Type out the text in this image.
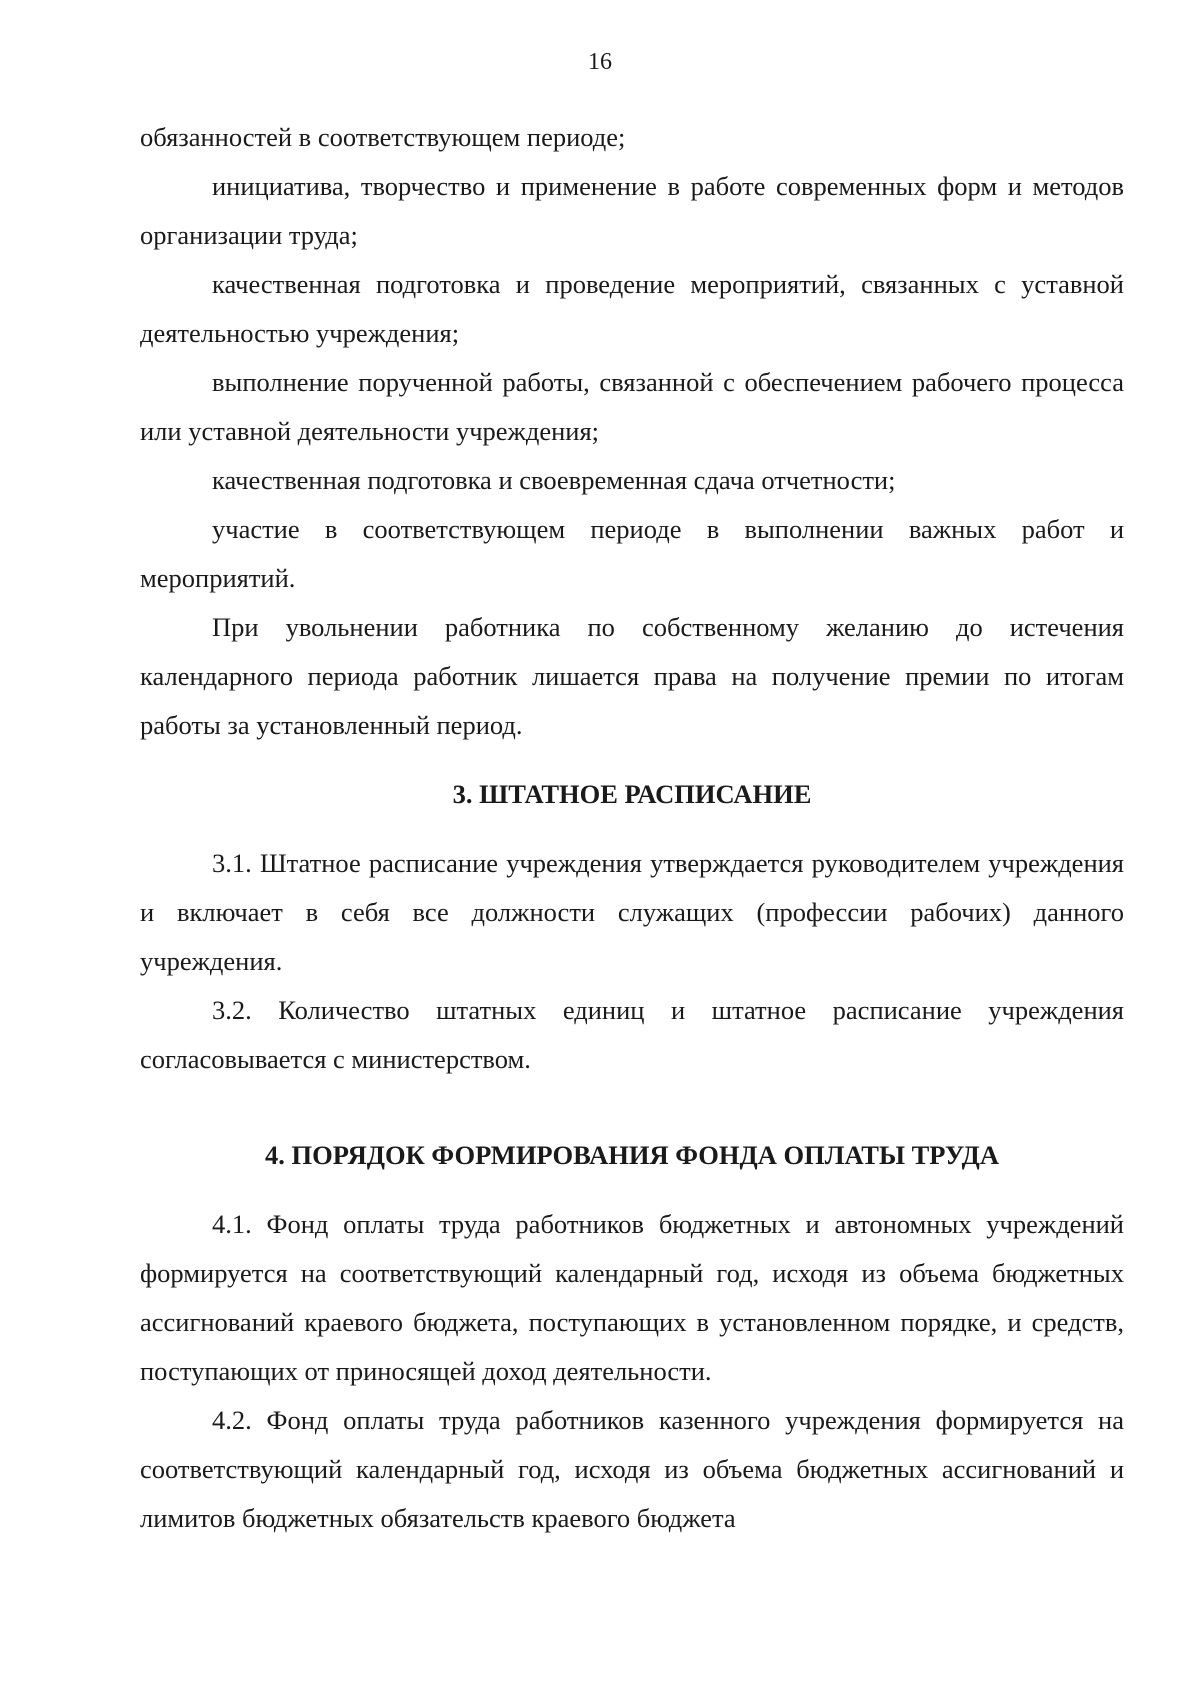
16

обязанностей в соответствующем периоде;

инициатива, творчество и применение в работе современных форм и методов организации труда;

качественная подготовка и проведение мероприятий, связанных с уставной деятельностью учреждения;

выполнение порученной работы, связанной с обеспечением рабочего процесса или уставной деятельности учреждения;

качественная подготовка и своевременная сдача отчетности;

участие в соответствующем периоде в выполнении важных работ и мероприятий.

При увольнении работника по собственному желанию до истечения календарного периода работник лишается права на получение премии по итогам работы за установленный период.

3. ШТАТНОЕ РАСПИСАНИЕ

3.1. Штатное расписание учреждения утверждается руководителем учреждения и включает в себя все должности служащих (профессии рабочих) данного учреждения.

3.2. Количество штатных единиц и штатное расписание учреждения согласовывается с министерством.

4. ПОРЯДОК ФОРМИРОВАНИЯ ФОНДА ОПЛАТЫ ТРУДА

4.1. Фонд оплаты труда работников бюджетных и автономных учреждений формируется на соответствующий календарный год, исходя из объема бюджетных ассигнований краевого бюджета, поступающих в установленном порядке, и средств, поступающих от приносящей доход деятельности.

4.2. Фонд оплаты труда работников казенного учреждения формируется на соответствующий календарный год, исходя из объема бюджетных ассигнований и лимитов бюджетных обязательств краевого бюджета
